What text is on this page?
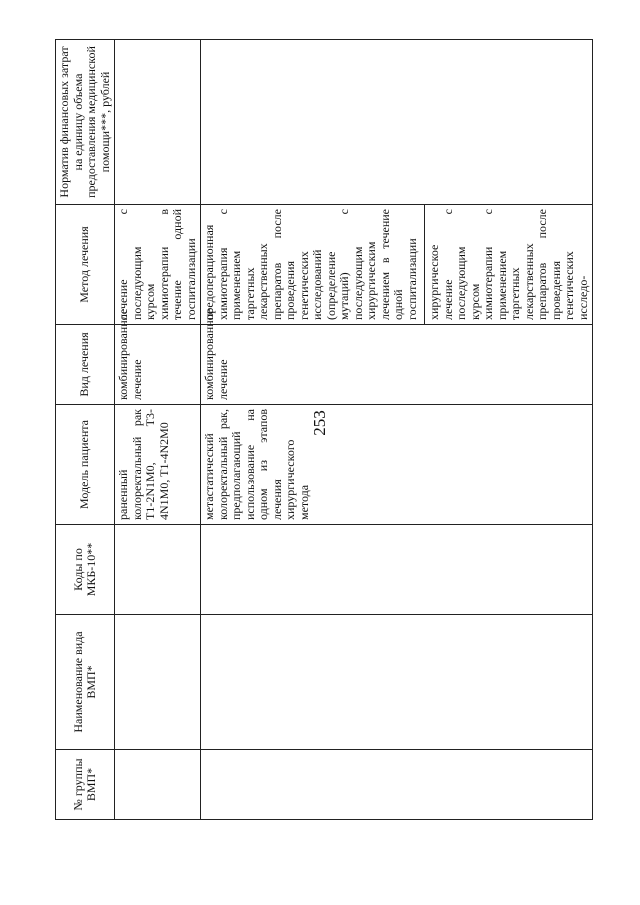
253
№ группы ВМП*	Наименование вида ВМП*	Коды по МКБ-10**	Модель пациента	Вид лечения	Метод лечения	Норматив финансовых затрат на единицу объема предоставления медицинской помощи***, рублей

			раненный колоректальный рак T1-2N1M0, T3-4N1M0, T1-4N2M0	комбинированное лечение	лечение с последующим курсом химиотерапии в течение одной госпитализации	

			метастатический колоректальный рак, предполагающий использование на одном из этапов лечения хирургического метода	комбинированное лечение	предоперационная химиотерапия с применением таргетных лекарственных препаратов после проведения генетических исследований (определение мутаций) с последующим хирургическим лечением в течение одной госпитализации хирургическое лечение с последующим курсом химиотерапии с применением таргетных лекарственных препаратов после проведения генетических исследо-	
